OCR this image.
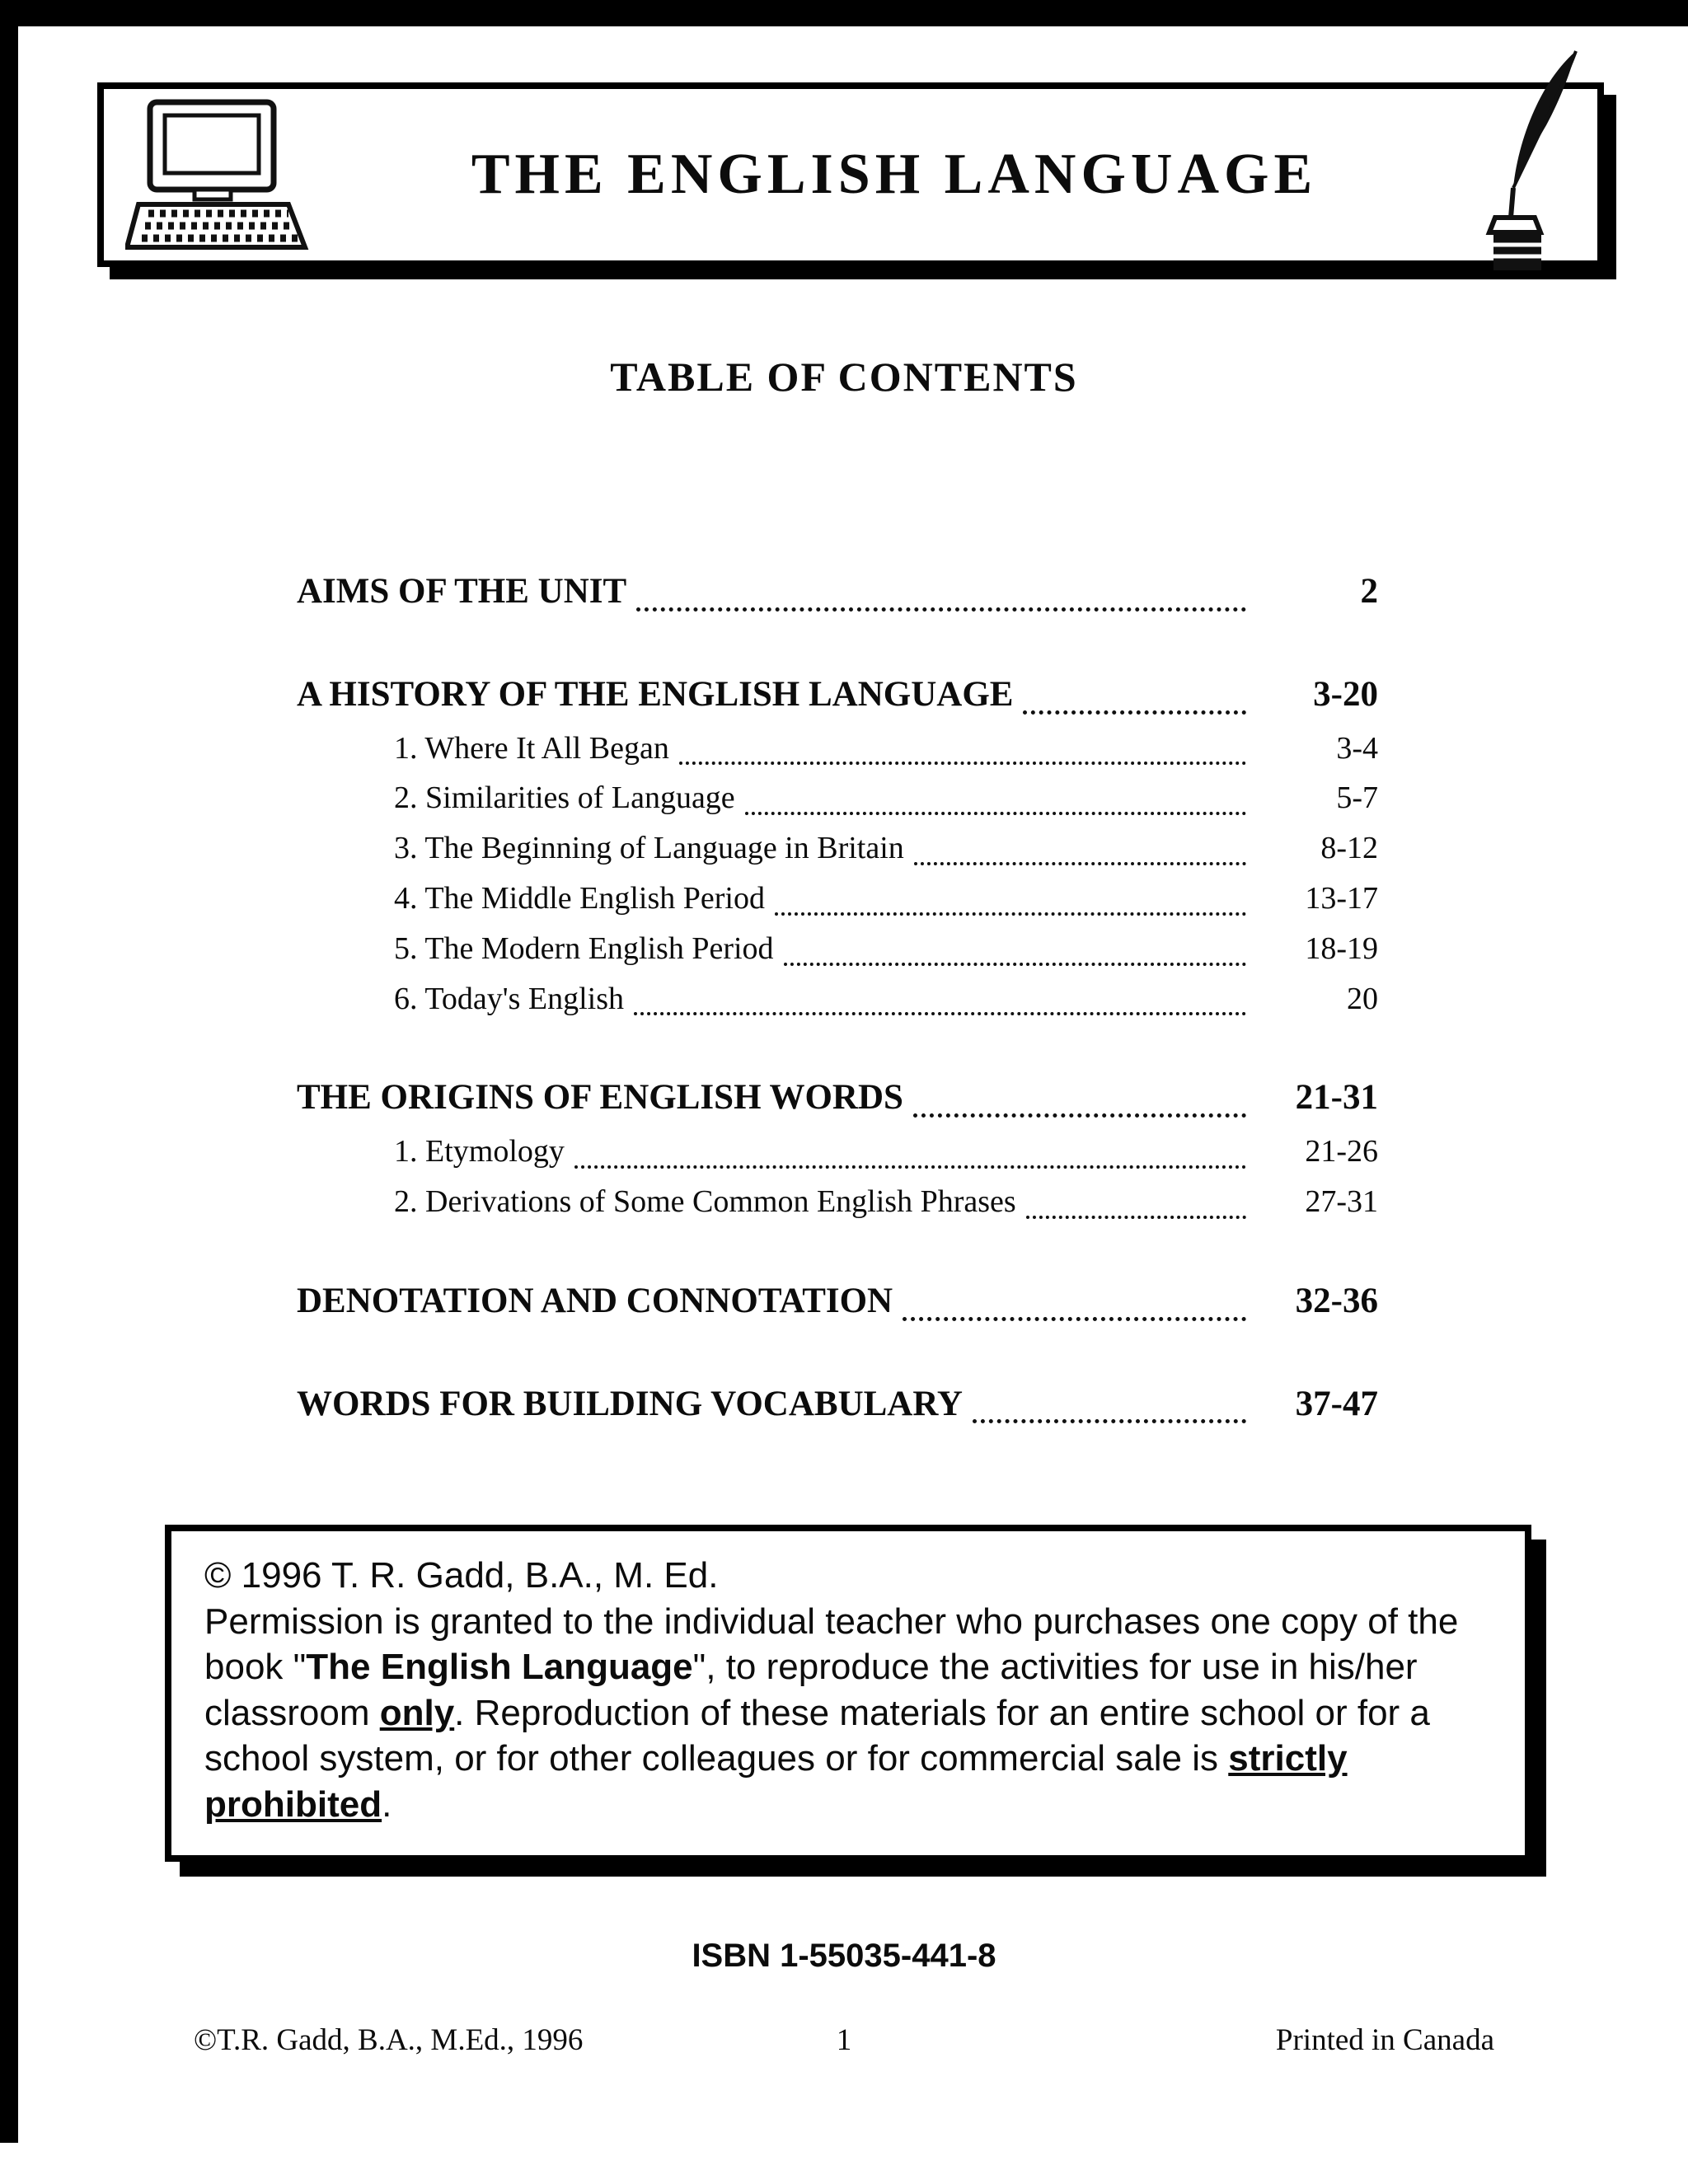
THE ENGLISH LANGUAGE
TABLE OF CONTENTS
AIMS OF THE UNIT	2
A HISTORY OF THE ENGLISH LANGUAGE	3-20
1. Where It All Began	3-4
2. Similarities of Language	5-7
3. The Beginning of Language in Britain	8-12
4. The Middle English Period	13-17
5. The Modern English Period	18-19
6. Today's English	20
THE ORIGINS OF ENGLISH WORDS	21-31
1. Etymology	21-26
2. Derivations of Some Common English Phrases	27-31
DENOTATION AND CONNOTATION	32-36
WORDS FOR BUILDING VOCABULARY	37-47

© 1996 T. R. Gadd, B.A., M. Ed.

Permission is granted to the individual teacher who purchases one copy of the book "The English Language", to reproduce the activities for use in his/her classroom only. Reproduction of these materials for an entire school or for a school system, or for other colleagues or for commercial sale is strictly prohibited.

ISBN 1-55035-441-8
©T.R. Gadd, B.A., M.Ed., 1996	1	Printed in Canada
